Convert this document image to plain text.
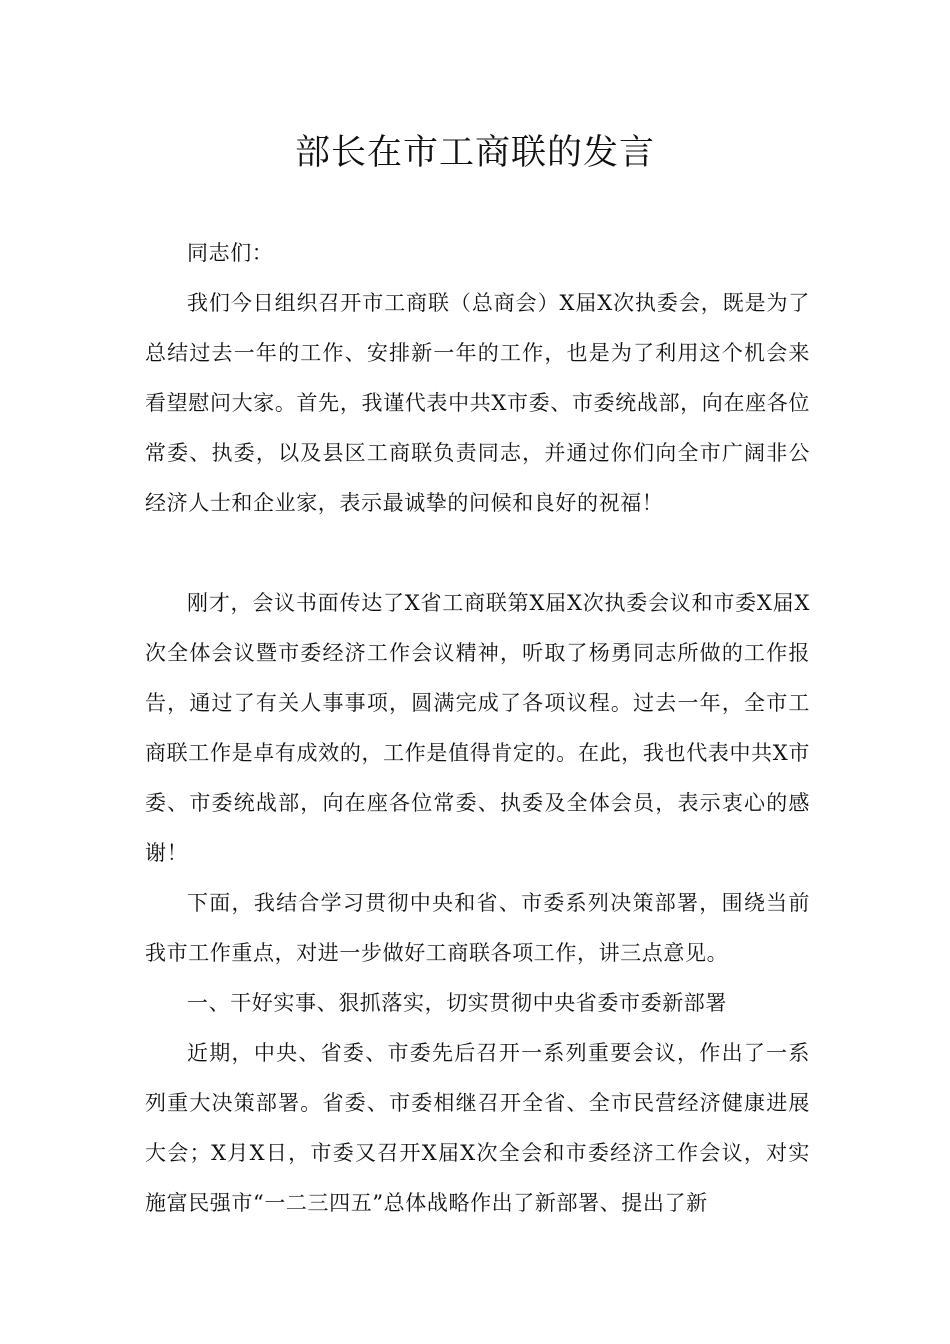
部长在市工商联的发言

同志们：

我们今日组织召开市工商联（总商会）X届X次执委会，既是为了总结过去一年的工作、安排新一年的工作，也是为了利用这个机会来看望慰问大家。首先，我谨代表中共X市委、市委统战部，向在座各位常委、执委，以及县区工商联负责同志，并通过你们向全市广阔非公经济人士和企业家，表示最诚挚的问候和良好的祝福！

刚才，会议书面传达了X省工商联第X届X次执委会议和市委X届X次全体会议暨市委经济工作会议精神，听取了杨勇同志所做的工作报告，通过了有关人事事项，圆满完成了各项议程。过去一年，全市工商联工作是卓有成效的，工作是值得肯定的。在此，我也代表中共X市委、市委统战部，向在座各位常委、执委及全体会员，表示衷心的感谢！

下面，我结合学习贯彻中央和省、市委系列决策部署，围绕当前我市工作重点，对进一步做好工商联各项工作，讲三点意见。

一、干好实事、狠抓落实，切实贯彻中央省委市委新部署

近期，中央、省委、市委先后召开一系列重要会议，作出了一系列重大决策部署。省委、市委相继召开全省、全市民营经济健康进展大会；X月X日，市委又召开X届X次全会和市委经济工作会议，对实施富民强市“一二三四五”总体战略作出了新部署、提出了新
